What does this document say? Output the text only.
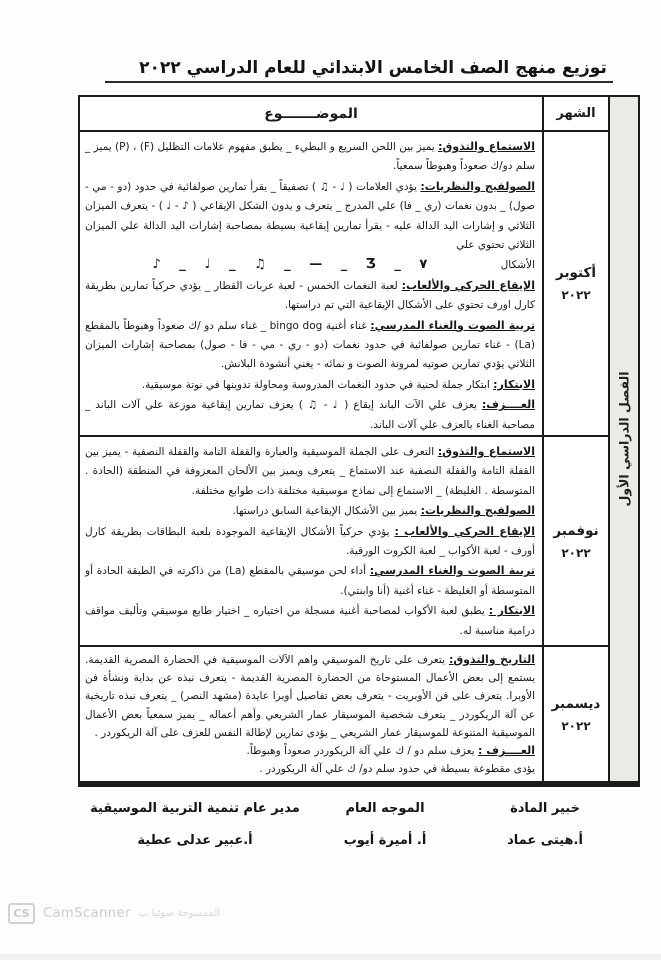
توزيع منهج الصف الخامس الابتدائي للعام الدراسي ٢٠٢٢
الفصل الدراسي الأول
الشهر
الموضـــــــوع
أكتوبر
٢٠٢٢
الاستماع والتذوق: يميز بين اللحن السريع و البطيء _ يطبق مفهوم علامات التظليل (F) ، (P) يميز _ سلم دو/ك صعوداً وهبوطاً سمعياً.
الصولفيج والنظريات: يؤدي العلامات ( ♩ - ♫ ) تصفيقاً _ يقرأ تمارين صولفائية في حدود (دو - مي - صول) _ بدون نغمات (ري _ فا) علي المدرج _ يتعرف و يدون الشكل الإيقاعي ( ♪ - ♩ ) - يتعرف الميزان الثلاثي و إشارات اليد الدالة عليه - يقرأ تمارين إيقاعية بسيطة بمصاحبة إشارات اليد الدالة علي الميزان الثلاثي تحتوي علي
الأشكال ♪ _ ♩ _ ♫ _ — _ Ʒ _ ٧
الإيقاع الحركي والألعاب: لعبة النغمات الخمس - لعبة عربات القطار _ يؤدي حركياً تمارين بطريقة كارل اورف تحتوي على الأشكال الإيقاعية التي تم دراستها.
تربية الصوت والغناء المدرسي: غناء أغنية bingo dog _ غناء سلم دو /ك صعوداً وهبوطاً بالمقطع (La) - غناء تمارين صولفائية في حدود نغمات (دو - ري - مي - فا - صول) بمصاحبة إشارات الميزان الثلاثي يؤدي تمارين صوتيه لمرونة الصوت و نمائه - يغني أنشودة البلانش.
الابتكار: ابتكار جملة لحنية في حدود النغمات المدروسة ومحاولة تدوينها في نوتة موسيقية.
العــــزف: يعزف علي الآت الباند إيقاع ( ♩ - ♫ ) يعزف تمارين إيقاعية موزعة علي آلات الباند _ مصاحبة الغناء بالعزف علي آلات الباند.
نوفمبر
٢٠٢٢
الاستماع والتذوق: التعرف على الجملة الموسيقية والعبارة والقفلة التامة والقفلة النصفية - يميز بين القفلة التامة والقفلة النصفية عند الاستماع _ يتعرف ويميز بين الألحان المعزوفة في المنطقة (الحادة . المتوسطة . الغليظة) _ الاستماع إلى نماذج موسيقية مختلفة ذات طوابع مختلفة.
الصولفيج والنظريات: يميز بين الأشكال الإيقاعية السابق دراستها.
الإيقاع الحركي والألعاب : يؤدي حركياً الأشكال الإيقاعية الموجودة بلعبة البطاقات بطريقة كارل أورف - لعبة الأكواب _ لعبة الكروت الورقية.
تربية الصوت والغناء المدرسي: أداء لحن موسيقي بالمقطع (La) من ذاكرته في الطبقة الحادة أو المتوسطة أو الغليظة - غناء أغنية (أنا وابنتي).
الابتكار : يطبق لعبة الأكواب لمصاحبة أغنية مسجلة من اختياره _ اختيار طابع موسيقي وتأليف مواقف درامية مناسبة له.
ديسمبر
٢٠٢٢
التاريخ والتذوق: يتعرف على تاريخ الموسيقي واهم الآلات الموسيقية في الحضارة المصرية القديمة. يستمع إلى بعض الأعمال المستوحاة من الحضارة المصرية القديمة - يتعرف نبذه عن بداية ونشأة فن الأوبرا. يتعرف على فن الأوبريت - يتعرف بعض تفاصيل أوبرا عايدة (مشهد النصر) _ يتعرف نبذه تاريخية عن آلة الريكوردر _ يتعرف شخصية الموسيقار عمار الشريعي وأهم أعماله _ يميز سمعياً بعض الأعمال الموسيقية المتنوعة للموسيقار عمار الشريعي _ يؤدى تمارين لإطالة النفس للعزف على آلة الريكوردر .
العــــزف : يعزف سلم دو / ك علي آلة الريكوردر صعوداً وهبوطاً.
يؤدى مقطوعة بسيطة في حدود سلم دو/ ك علي آلة الريكوردر .
خبير المادة
أ.هيتى عماد
الموجه العام
أ. أميرة أيوب
مدير عام تنمية التربية الموسيقية
أ.عبير عدلى عطية
CS	CamScanner الممسوحة ضوئيا ب
